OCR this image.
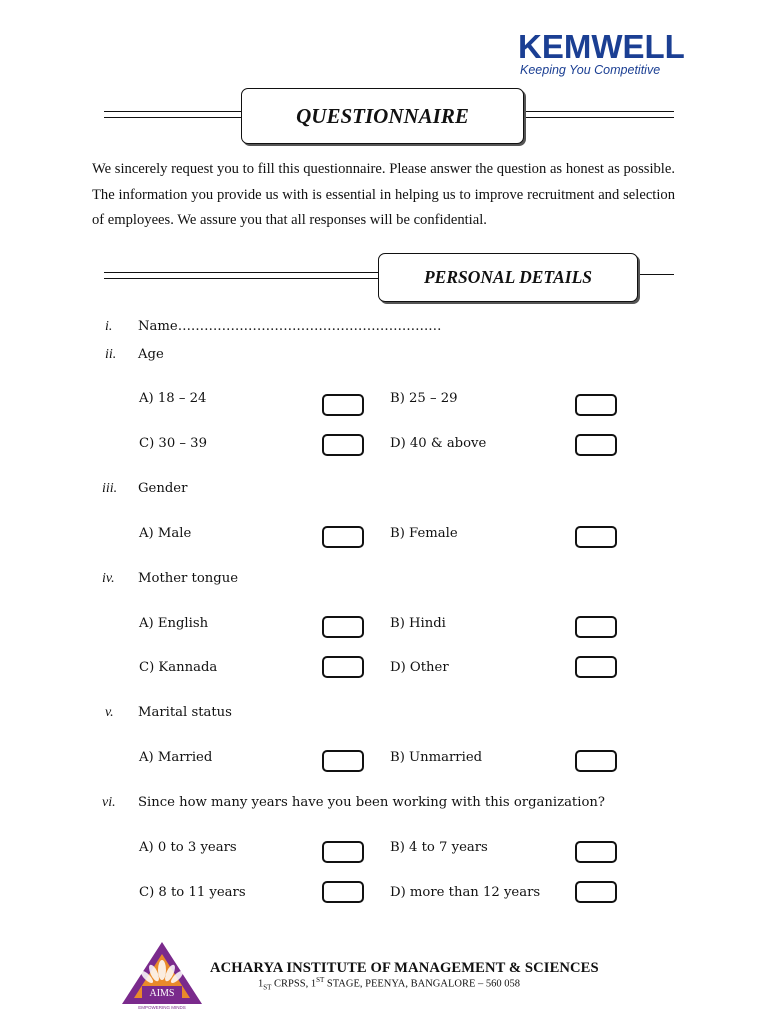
KEMWELL
Keeping You Competitive
QUESTIONNAIRE
We sincerely request you to fill this questionnaire. Please answer the question as honest as possible. The information you provide us with is essential in helping us to improve recruitment and selection of employees. We assure you that all responses will be confidential.
PERSONAL DETAILS
i.	Name……………………………………………………
ii.	Age
A) 18 – 24	B) 25 – 29
C) 30 – 39	D) 40 & above
iii.	Gender
A) Male	B) Female
iv.	Mother tongue
A) English	B) Hindi
C) Kannada	D) Other
v.	Marital status
A) Married	B) Unmarried
vi.	Since how many years have you been working with this organization?
A) 0 to 3 years	B) 4 to 7 years
C) 8 to 11 years	D) more than 12 years
AIMS
EMPOWERING MINDS
ACHARYA INSTITUTE OF MANAGEMENT & SCIENCES
$1_{ST}$ CRPSS, 1ST STAGE, PEENYA, BANGALORE – 560 058
